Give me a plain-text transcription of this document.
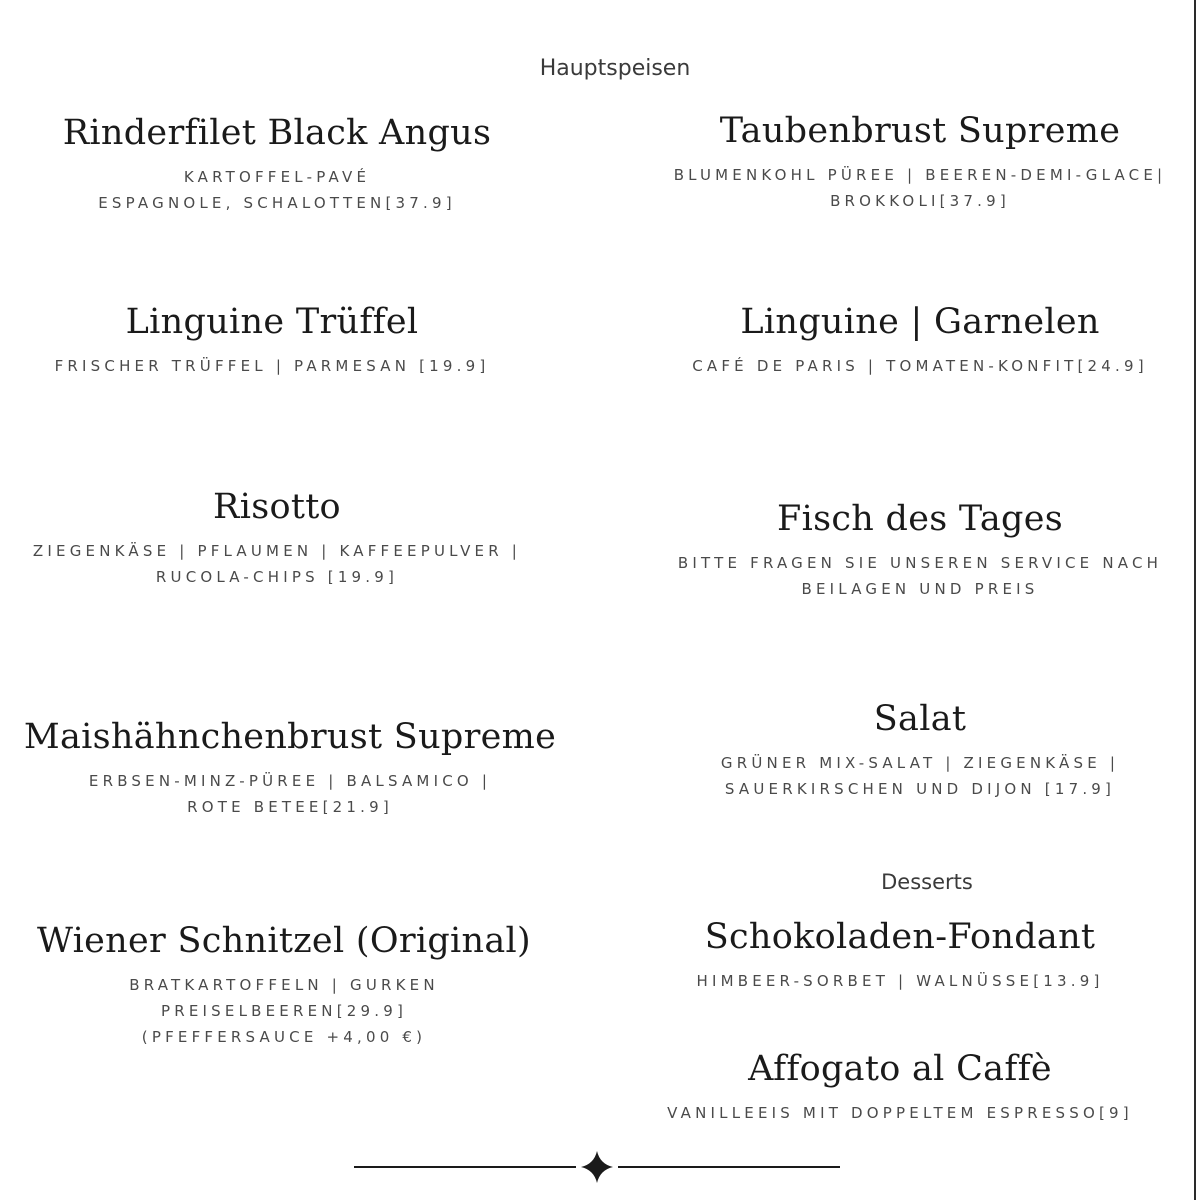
Hauptspeisen
Rinderfilet Black Angus
KARTOFFEL-PAVÉ
ESPAGNOLE, SCHALOTTEN[37.9]
Linguine Trüffel
FRISCHER TRÜFFEL | PARMESAN [19.9]
Risotto
ZIEGENKÄSE | PFLAUMEN | KAFFEEPULVER |
RUCOLA-CHIPS [19.9]
Maishähnchenbrust Supreme
ERBSEN-MINZ-PÜREE | BALSAMICO |
ROTE BETEE[21.9]
Wiener Schnitzel (Original)
BRATKARTOFFELN | GURKEN
PREISELBEEREN[29.9]
(PFEFFERSAUCE +4,00 €)
Taubenbrust Supreme
BLUMENKOHL PÜREE | BEEREN-DEMI-GLACE|
BROKKOLI[37.9]
Linguine | Garnelen
CAFÉ DE PARIS | TOMATEN-KONFIT[24.9]
Fisch des Tages
BITTE FRAGEN SIE UNSEREN SERVICE NACH
BEILAGEN UND PREIS
Salat
GRÜNER MIX-SALAT | ZIEGENKÄSE |
SAUERKIRSCHEN UND DIJON [17.9]
Desserts
Schokoladen-Fondant
HIMBEER-SORBET | WALNÜSSE[13.9]
Affogato al Caffè
VANILLEEIS MIT DOPPELTEM ESPRESSO[9]
